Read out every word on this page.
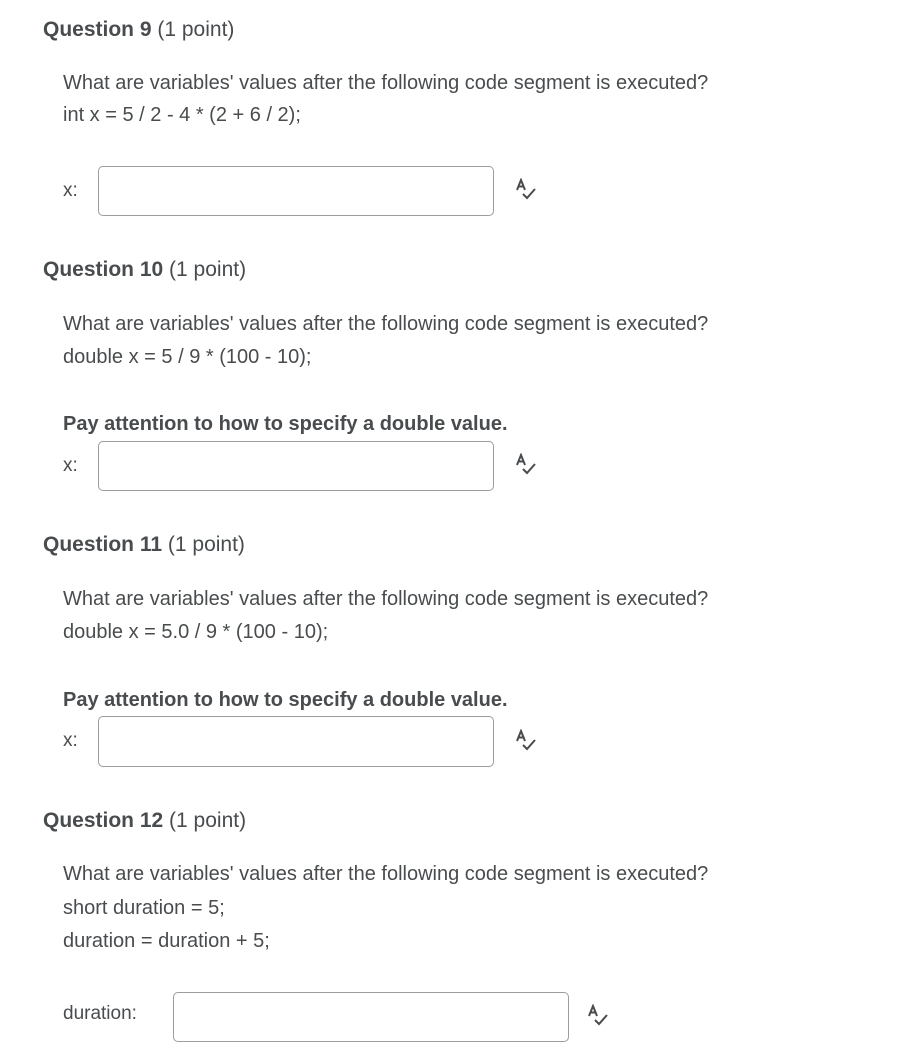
Question 9 (1 point)
What are variables' values after the following code segment is executed?
int x = 5 / 2 - 4 * (2 + 6 / 2);
x:
Question 10 (1 point)
What are variables' values after the following code segment is executed?
double x = 5 / 9 * (100 - 10);
Pay attention to how to specify a double value.
x:
Question 11 (1 point)
What are variables' values after the following code segment is executed?
double x = 5.0 / 9 * (100 - 10);
Pay attention to how to specify a double value.
x:
Question 12 (1 point)
What are variables' values after the following code segment is executed?
short duration = 5;
duration = duration + 5;
duration:
